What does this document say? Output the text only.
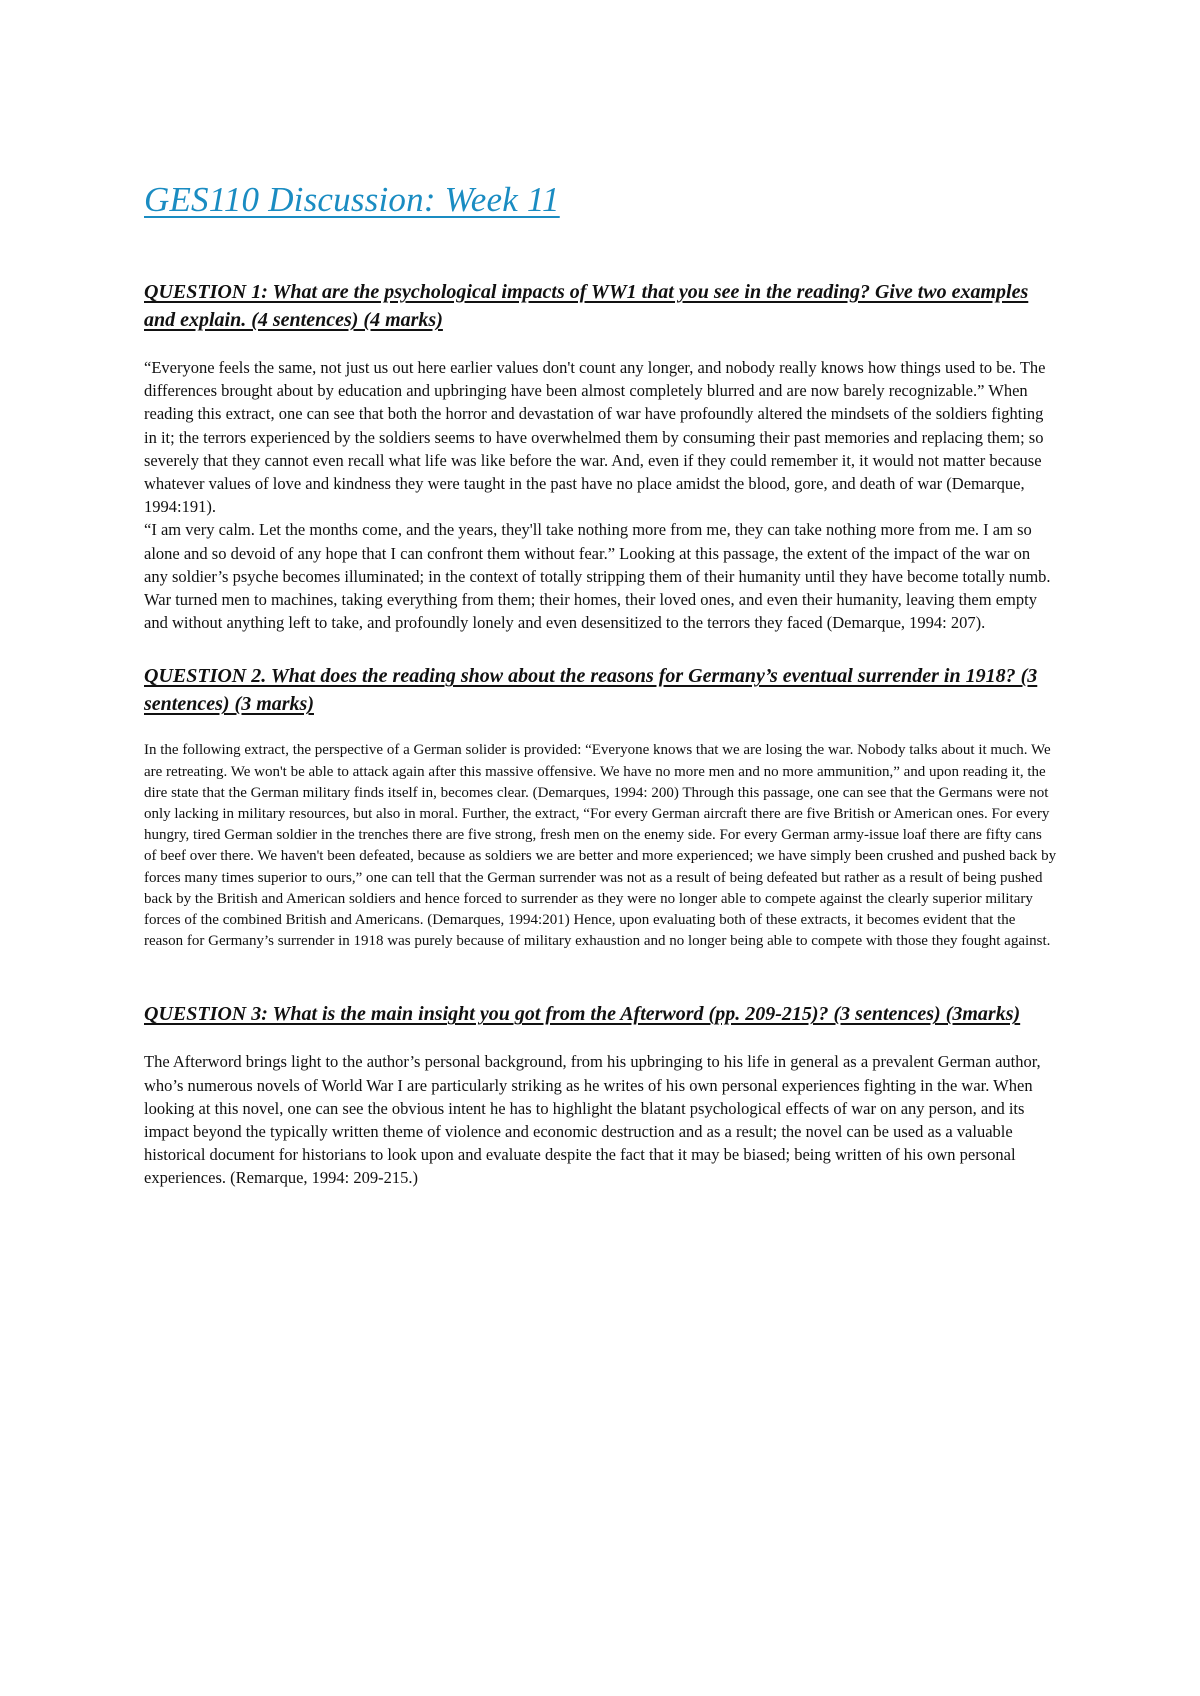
GES110 Discussion: Week 11
QUESTION 1: What are the psychological impacts of WW1 that you see in the reading? Give two examples and explain. (4 sentences) (4 marks)

“Everyone feels the same, not just us out here earlier values don't count any longer, and nobody really knows how things used to be. The differences brought about by education and upbringing have been almost completely blurred and are now barely recognizable.” When reading this extract, one can see that both the horror and devastation of war have profoundly altered the mindsets of the soldiers fighting in it; the terrors experienced by the soldiers seems to have overwhelmed them by consuming their past memories and replacing them; so severely that they cannot even recall what life was like before the war. And, even if they could remember it, it would not matter because whatever values of love and kindness they were taught in the past have no place amidst the blood, gore, and death of war (Demarque, 1994:191).

“I am very calm. Let the months come, and the years, they'll take nothing more from me, they can take nothing more from me. I am so alone and so devoid of any hope that I can confront them without fear.” Looking at this passage, the extent of the impact of the war on any soldier’s psyche becomes illuminated; in the context of totally stripping them of their humanity until they have become totally numb. War turned men to machines, taking everything from them; their homes, their loved ones, and even their humanity, leaving them empty and without anything left to take, and profoundly lonely and even desensitized to the terrors they faced (Demarque, 1994: 207).

QUESTION 2. What does the reading show about the reasons for Germany’s eventual surrender in 1918? (3 sentences) (3 marks)

In the following extract, the perspective of a German solider is provided: “Everyone knows that we are losing the war. Nobody talks about it much. We are retreating. We won't be able to attack again after this massive offensive. We have no more men and no more ammunition,” and upon reading it, the dire state that the German military finds itself in, becomes clear. (Demarques, 1994: 200) Through this passage, one can see that the Germans were not only lacking in military resources, but also in moral. Further, the extract, “For every German aircraft there are five British or American ones. For every hungry, tired German soldier in the trenches there are five strong, fresh men on the enemy side. For every German army-issue loaf there are fifty cans of beef over there. We haven't been defeated, because as soldiers we are better and more experienced; we have simply been crushed and pushed back by forces many times superior to ours,” one can tell that the German surrender was not as a result of being defeated but rather as a result of being pushed back by the British and American soldiers and hence forced to surrender as they were no longer able to compete against the clearly superior military forces of the combined British and Americans. (Demarques, 1994:201) Hence, upon evaluating both of these extracts, it becomes evident that the reason for Germany’s surrender in 1918 was purely because of military exhaustion and no longer being able to compete with those they fought against.

QUESTION 3: What is the main insight you got from the Afterword (pp. 209-215)? (3 sentences) (3marks)

The Afterword brings light to the author’s personal background, from his upbringing to his life in general as a prevalent German author, who’s numerous novels of World War I are particularly striking as he writes of his own personal experiences fighting in the war. When looking at this novel, one can see the obvious intent he has to highlight the blatant psychological effects of war on any person, and its impact beyond the typically written theme of violence and economic destruction and as a result; the novel can be used as a valuable historical document for historians to look upon and evaluate despite the fact that it may be biased; being written of his own personal experiences. (Remarque, 1994: 209-215.)
